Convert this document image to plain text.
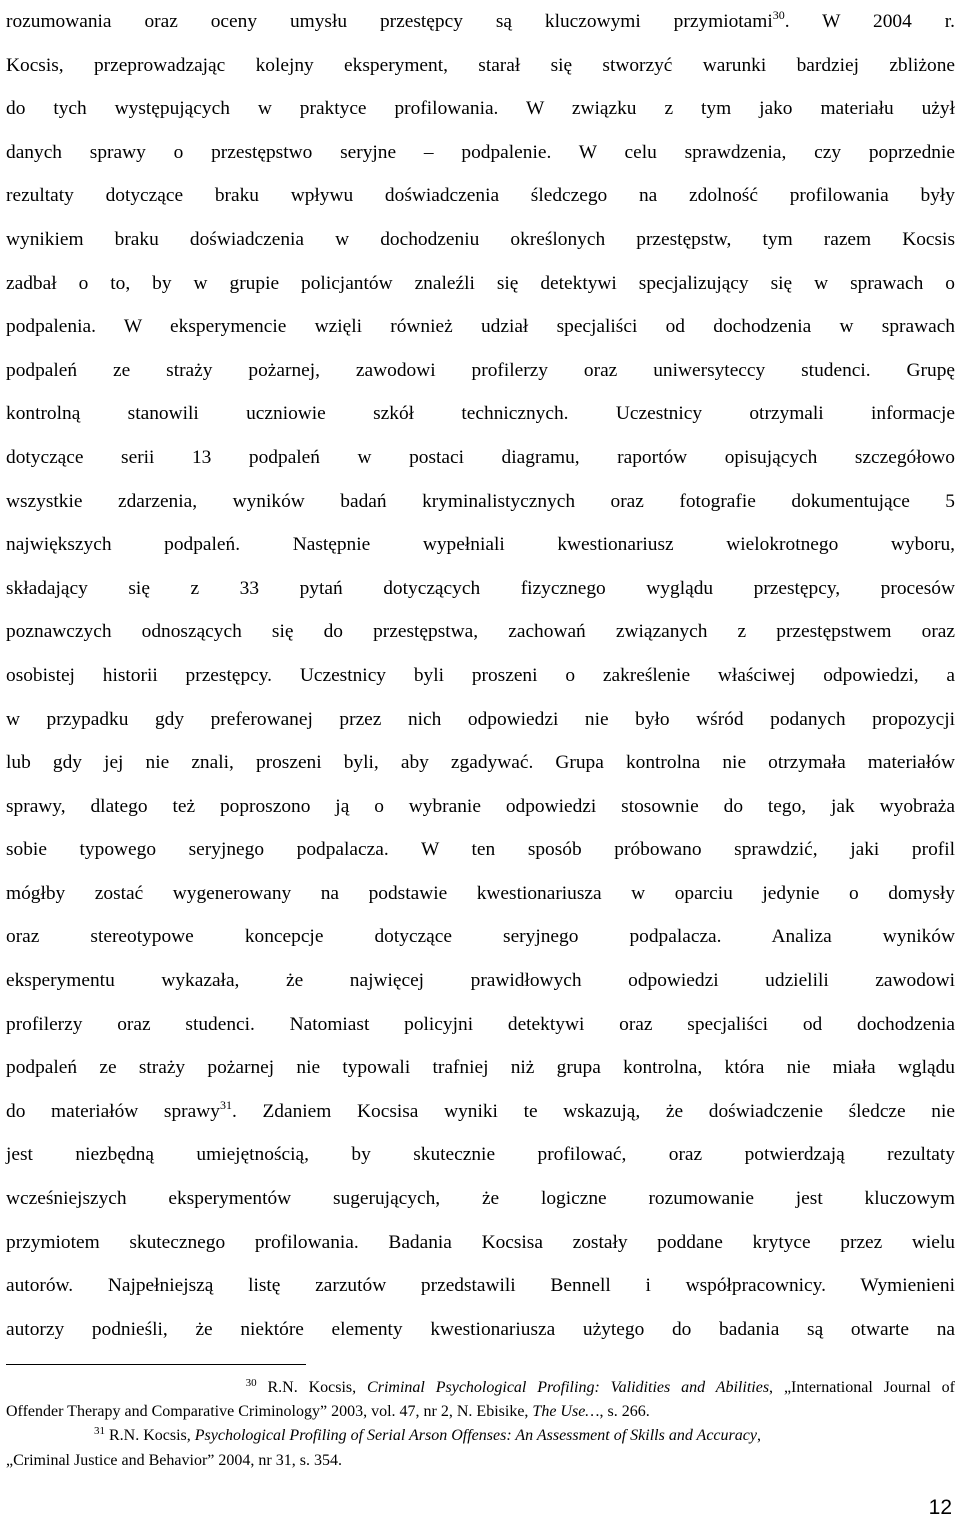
rozumowania oraz oceny umysłu przestępcy są kluczowymi przymiotami$^{30}$. W 2004 r.
Kocsis, przeprowadzając kolejny eksperyment, starał się stworzyć warunki bardziej zbliżone
do tych występujących w praktyce profilowania. W związku z tym jako materiału użył
danych sprawy o przestępstwo seryjne – podpalenie. W celu sprawdzenia, czy poprzednie
rezultaty dotyczące braku wpływu doświadczenia śledczego na zdolność profilowania były
wynikiem braku doświadczenia w dochodzeniu określonych przestępstw, tym razem Kocsis
zadbał o to, by w grupie policjantów znaleźli się detektywi specjalizujący się w sprawach o
podpalenia. W eksperymencie wzięli również udział specjaliści od dochodzenia w sprawach
podpaleń ze straży pożarnej, zawodowi profilerzy oraz uniwersyteccy studenci. Grupę
kontrolną stanowili uczniowie szkół technicznych. Uczestnicy otrzymali informacje
dotyczące serii 13 podpaleń w postaci diagramu, raportów opisujących szczegółowo
wszystkie zdarzenia, wyników badań kryminalistycznych oraz fotografie dokumentujące 5
największych podpaleń. Następnie wypełniali kwestionariusz wielokrotnego wyboru,
składający się z 33 pytań dotyczących fizycznego wyglądu przestępcy, procesów
poznawczych odnoszących się do przestępstwa, zachowań związanych z przestępstwem oraz
osobistej historii przestępcy. Uczestnicy byli proszeni o zakreślenie właściwej odpowiedzi, a
w przypadku gdy preferowanej przez nich odpowiedzi nie było wśród podanych propozycji
lub gdy jej nie znali, proszeni byli, aby zgadywać. Grupa kontrolna nie otrzymała materiałów
sprawy, dlatego też poproszono ją o wybranie odpowiedzi stosownie do tego, jak wyobraża
sobie typowego seryjnego podpalacza. W ten sposób próbowano sprawdzić, jaki profil
mógłby zostać wygenerowany na podstawie kwestionariusza w oparciu jedynie o domysły
oraz stereotypowe koncepcje dotyczące seryjnego podpalacza. Analiza wyników
eksperymentu wykazała, że najwięcej prawidłowych odpowiedzi udzielili zawodowi
profilerzy oraz studenci. Natomiast policyjni detektywi oraz specjaliści od dochodzenia
podpaleń ze straży pożarnej nie typowali trafniej niż grupa kontrolna, która nie miała wglądu
do materiałów sprawy$^{31}$. Zdaniem Kocsisa wyniki te wskazują, że doświadczenie śledcze nie
jest niezbędną umiejętnością, by skutecznie profilować, oraz potwierdzają rezultaty
wcześniejszych eksperymentów sugerujących, że logiczne rozumowanie jest kluczowym
przymiotem skutecznego profilowania. Badania Kocsisa zostały poddane krytyce przez wielu
autorów. Najpełniejszą listę zarzutów przedstawili Bennell i współpracownicy. Wymienieni
autorzy podnieśli, że niektóre elementy kwestionariusza użytego do badania są otwarte na
$^{30}$ R.N. Kocsis, Criminal Psychological Profiling: Validities and Abilities, „International Journal of
Offender Therapy and Comparative Criminology” 2003, vol. 47, nr 2, N. Ebisike, The Use…, s. 266.
$^{31}$ R.N. Kocsis, Psychological Profiling of Serial Arson Offenses: An Assessment of Skills and Accuracy,
„Criminal Justice and Behavior” 2004, nr 31, s. 354.
12
